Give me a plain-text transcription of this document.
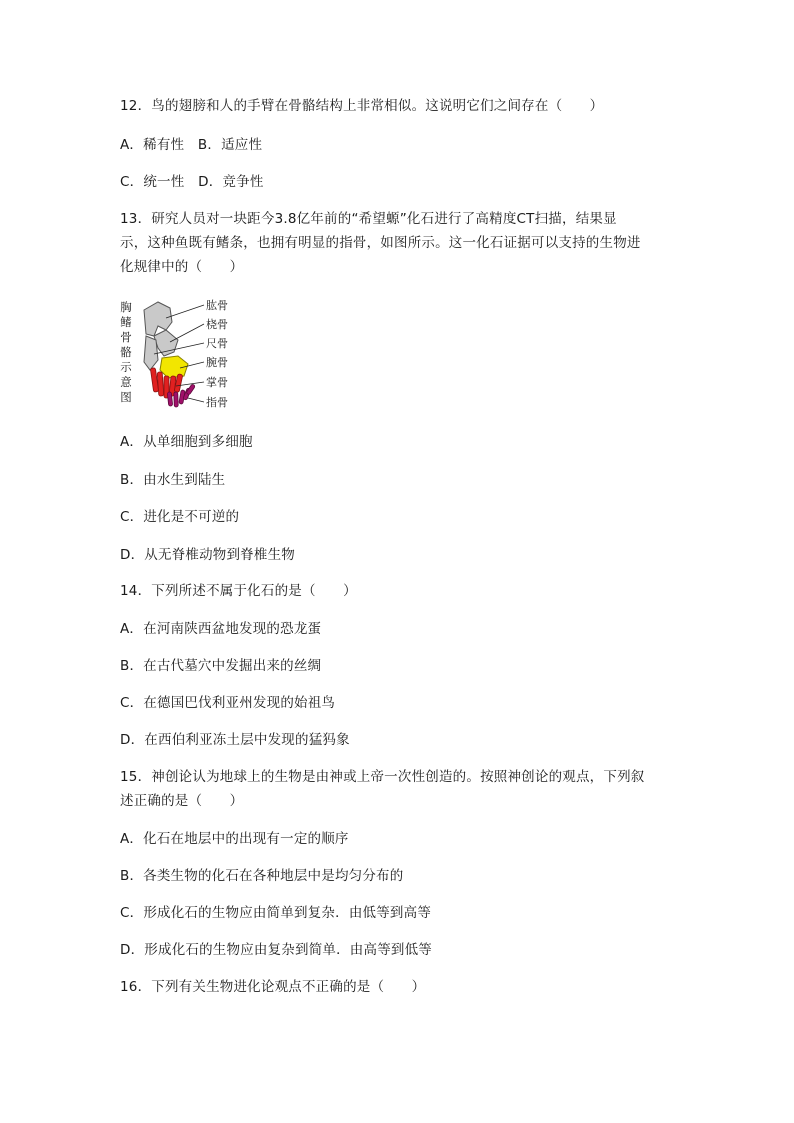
12．鸟的翅膀和人的手臂在骨骼结构上非常相似。这说明它们之间存在（　　）
A．稀有性　B．适应性
C．统一性　D．竞争性
13．研究人员对一块距今3.8亿年前的“希望螈”化石进行了高精度CT扫描，结果显
示，这种鱼既有鳍条，也拥有明显的指骨，如图所示。这一化石证据可以支持的生物进
化规律中的（　　）
胸
鳍
骨
骼
示
意
图
肱骨
桡骨
尺骨
腕骨
掌骨
指骨
A．从单细胞到多细胞
B．由水生到陆生
C．进化是不可逆的
D．从无脊椎动物到脊椎生物
14．下列所述不属于化石的是（　　）
A．在河南陕西盆地发现的恐龙蛋
B．在古代墓穴中发掘出来的丝绸
C．在德国巴伐利亚州发现的始祖鸟
D．在西伯利亚冻土层中发现的猛犸象
15．神创论认为地球上的生物是由神或上帝一次性创造的。按照神创论的观点，下列叙
述正确的是（　　）
A．化石在地层中的出现有一定的顺序
B．各类生物的化石在各种地层中是均匀分布的
C．形成化石的生物应由简单到复杂．由低等到高等
D．形成化石的生物应由复杂到简单．由高等到低等
16．下列有关生物进化论观点不正确的是（　　）
